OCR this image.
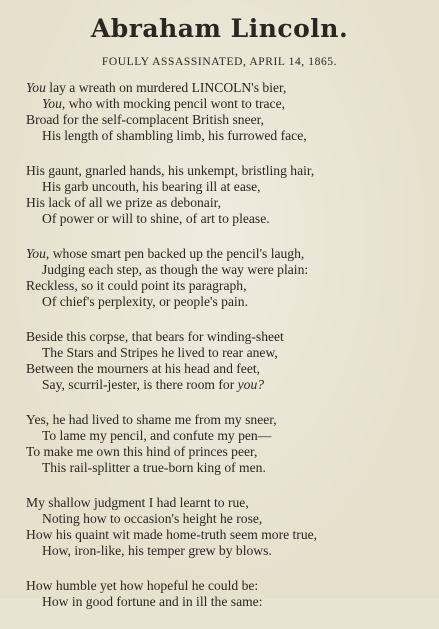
Abraham Lincoln.
FOULLY ASSASSINATED, APRIL 14, 1865.
You lay a wreath on murdered LINCOLN's bier,
You, who with mocking pencil wont to trace,
Broad for the self-complacent British sneer,
His length of shambling limb, his furrowed face,
His gaunt, gnarled hands, his unkempt, bristling hair,
His garb uncouth, his bearing ill at ease,
His lack of all we prize as debonair,
Of power or will to shine, of art to please.
You, whose smart pen backed up the pencil's laugh,
Judging each step, as though the way were plain:
Reckless, so it could point its paragraph,
Of chief's perplexity, or people's pain.
Beside this corpse, that bears for winding-sheet
The Stars and Stripes he lived to rear anew,
Between the mourners at his head and feet,
Say, scurril-jester, is there room for you?
Yes, he had lived to shame me from my sneer,
To lame my pencil, and confute my pen—
To make me own this hind of princes peer,
This rail-splitter a true-born king of men.
My shallow judgment I had learnt to rue,
Noting how to occasion's height he rose,
How his quaint wit made home-truth seem more true,
How, iron-like, his temper grew by blows.
How humble yet how hopeful he could be:
How in good fortune and in ill the same:
